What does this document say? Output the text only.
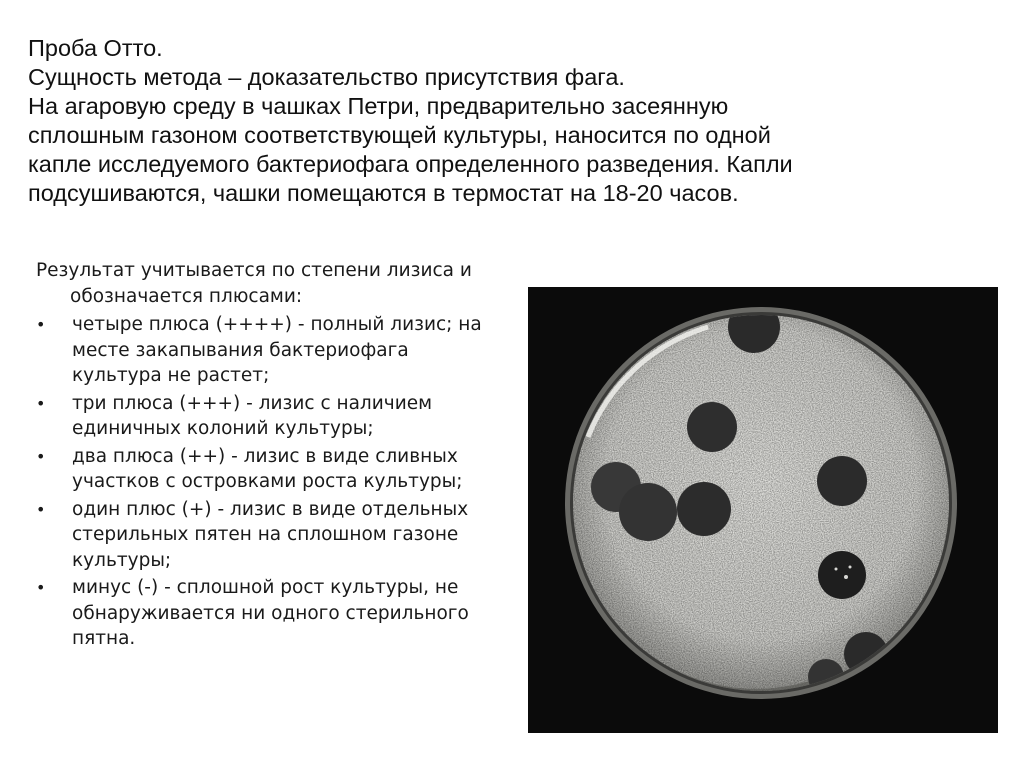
Проба Отто.

Сущность метода – доказательство присутствия фага.

На агаровую среду в чашках Петри, предварительно засеянную

сплошным газоном соответствующей культуры, наносится по одной

капле исследуемого бактериофага определенного разведения. Капли

подсушиваются, чашки помещаются в термостат на 18-20 часов.

Результат учитывается по степени лизиса и обозначается плюсами:

• четыре плюса (++++) - полный лизис; на месте закапывания бактериофага культура не растет;
• три плюса (+++) - лизис с наличием единичных колоний культуры;
• два плюса (++) - лизис в виде сливных участков с островками роста культуры;
• один плюс (+) - лизис в виде отдельных стерильных пятен на сплошном газоне культуры;
• минус (-) - сплошной рост культуры, не обнаруживается ни одного стерильного пятна.
